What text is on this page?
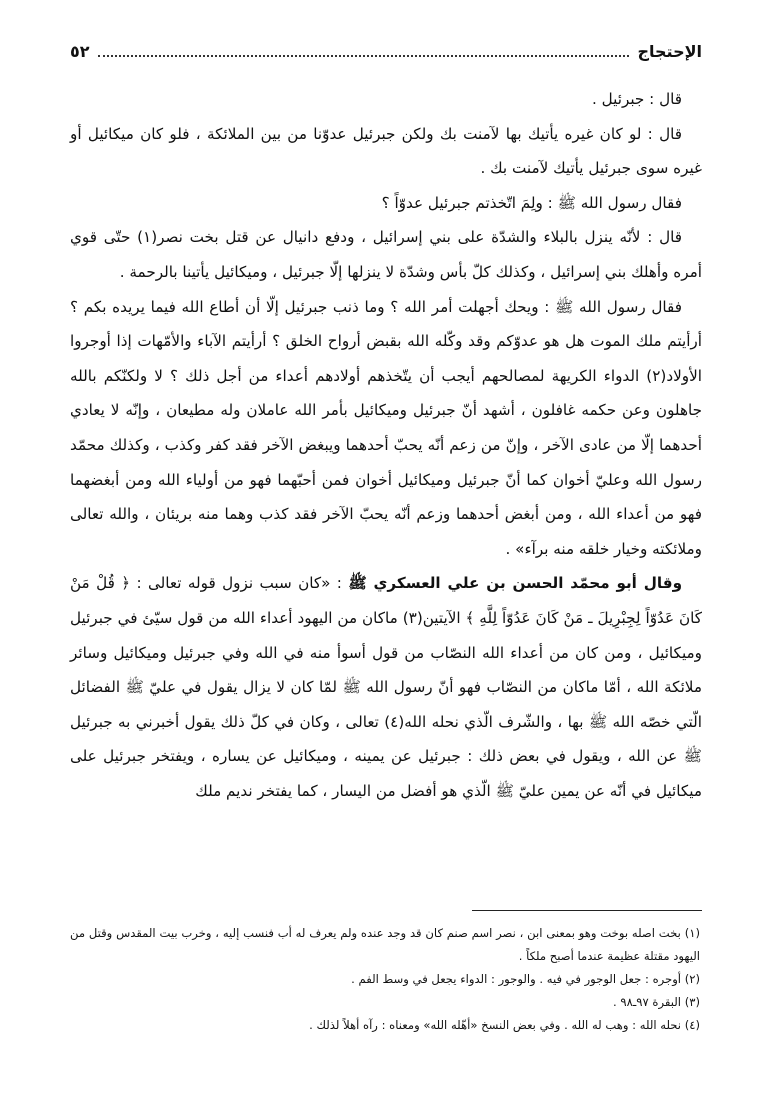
الإحتجاج
٥٢

قال : جبرئيل .

قال : لو كان غيره يأتيك بها لآمنت بك ولكن جبرئيل عدوّنا من بين الملائكة ، فلو كان ميكائيل أو غيره سوى جبرئيل يأتيك لآمنت بك .

فقال رسول الله ﷺ : ولِمَ اتّخذتم جبرئيل عدوّاً ؟

قال : لأنّه ينزل بالبلاء والشدّة على بني إسرائيل ، ودفع دانيال عن قتل بخت نصر(١) حتّى قوي أمره وأهلك بني إسرائيل ، وكذلك كلّ بأس وشدّة لا ينزلها إلّا جبرئيل ، وميكائيل يأتينا بالرحمة .

فقال رسول الله ﷺ : ويحك أجهلت أمر الله ؟ وما ذنب جبرئيل إلّا أن أطاع الله فيما يريده بكم ؟ أرأيتم ملك الموت هل هو عدوّكم وقد وكّله الله بقبض أرواح الخلق ؟ أرأيتم الآباء والأمّهات إذا أوجروا الأولاد(٢) الدواء الكريهة لمصالحهم أيجب أن يتّخذهم أولادهم أعداء من أجل ذلك ؟ لا ولكنّكم بالله جاهلون وعن حكمه غافلون ، أشهد أنّ جبرئيل وميكائيل بأمر الله عاملان وله مطيعان ، وإنّه لا يعادي أحدهما إلّا من عادى الآخر ، وإنّ من زعم أنّه يحبّ أحدهما ويبغض الآخر فقد كفر وكذب ، وكذلك محمّد رسول الله وعليّ أخوان كما أنّ جبرئيل وميكائيل أخوان فمن أحبّهما فهو من أولياء الله ومن أبغضهما فهو من أعداء الله ، ومن أبغض أحدهما وزعم أنّه يحبّ الآخر فقد كذب وهما منه بريئان ، والله تعالى وملائكته وخيار خلقه منه برآء» .

وقال أبو محمّد الحسن بن علي العسكري ﷺ : «كان سبب نزول قوله تعالى : ﴿ قُلْ مَنْ كَانَ عَدُوّاً لِجِبْرِيلَ ـ مَنْ كَانَ عَدُوّاً لِلَّهِ ﴾ الآيتين(٣) ماكان من اليهود أعداء الله من قول سيّئ في جبرئيل وميكائيل ، ومن كان من أعداء الله النصّاب من قول أسوأ منه في الله وفي جبرئيل وميكائيل وسائر ملائكة الله ، أمّا ماكان من النصّاب فهو أنّ رسول الله ﷺ لمّا كان لا يزال يقول في عليّ ﷺ الفضائل الّتي خصّه الله ﷺ بها ، والشّرف الّذي نحله الله(٤) تعالى ، وكان في كلّ ذلك يقول أخبرني به جبرئيل ﷺ عن الله ، ويقول في بعض ذلك : جبرئيل عن يمينه ، وميكائيل عن يساره ، ويفتخر جبرئيل على ميكائيل في أنّه عن يمين عليّ ﷺ الّذي هو أفضل من اليسار ، كما يفتخر نديم ملك

(١) بخت اصله بوخت وهو بمعنى ابن ، نصر اسم صنم كان قد وجد عنده ولم يعرف له أب فنسب إليه ، وخرب بيت المقدس وقتل من اليهود مقتلة عظيمة عندما أصبح ملكاً .

(٢) أوجره : جعل الوجور في فيه . والوجور : الدواء يجعل في وسط الفم .

(٣) البقرة ٩٧ـ٩٨ .

(٤) نحله الله : وهب له الله . وفي بعض النسخ «أهّله الله» ومعناه : رآه أهلاً لذلك .
